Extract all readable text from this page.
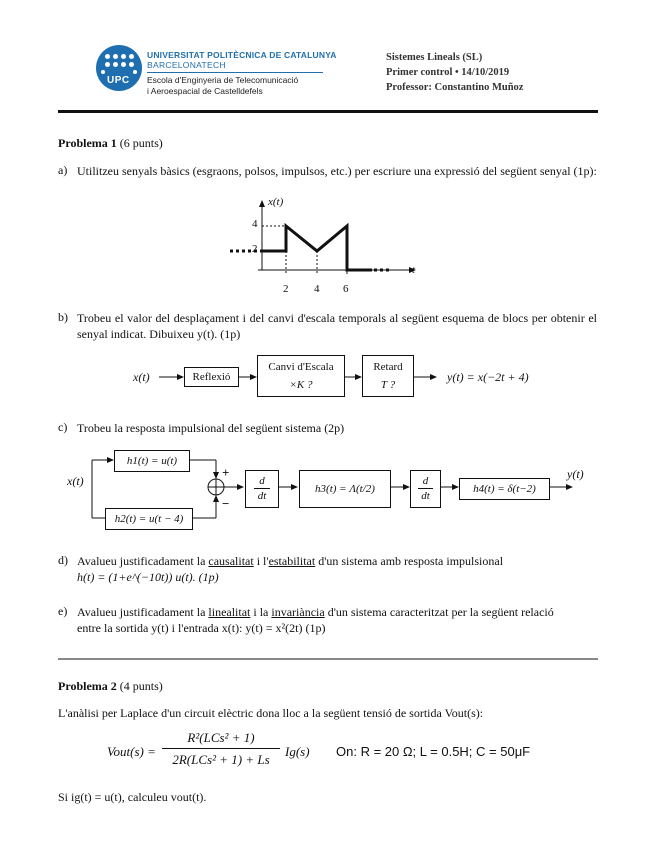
UPC
UNIVERSITAT POLITÈCNICA DE CATALUNYA
BARCELONATECH
Escola d'Enginyeria de Telecomunicació
i Aeroespacial de Castelldefels
Sistemes Lineals (SL)
Primer control • 14/10/2019
Professor: Constantino Muñoz
Problema 1 (6 punts)
a) Utilitzeu senyals bàsics (esgraons, polsos, impulsos, etc.) per escriure una expressió del següent senyal (1p):
x(t)
t
4
2
2 4 6
b) Trobeu el valor del desplaçament i del canvi d'escala temporals al següent esquema de blocs per obtenir el senyal indicat. Dibuixeu y(t). (1p)
x(t)	Reflexió
Canvi d'Escala
×K ?
Retard
T ?
y(t) = x(−2t + 4)
c) Trobeu la resposta impulsional del següent sistema (2p)
x(t)
h1(t) = u(t)
h2(t) = u(t − 4)
+
−
d
dt
h3(t) = Λ(t/2)
d
dt
h4(t) = δ(t−2)
y(t)
d) Avalueu justificadament la causalitat i l'estabilitat d'un sistema amb resposta impulsional
h(t) = (1+e^(−10t)) u(t). (1p)
e) Avalueu justificadament la linealitat i la invariància d'un sistema caracteritzat per la següent relació
entre la sortida y(t) i l'entrada x(t): y(t) = x²(2t) (1p)
Problema 2 (4 punts)
L'anàlisi per Laplace d'un circuit elèctric dona lloc a la següent tensió de sortida Vout(s):
Vout(s) =
R²(LCs² + 1)
2R(LCs² + 1) + Ls
Ig(s) On: R = 20 Ω; L = 0.5H; C = 50μF
Si ig(t) = u(t), calculeu vout(t).
